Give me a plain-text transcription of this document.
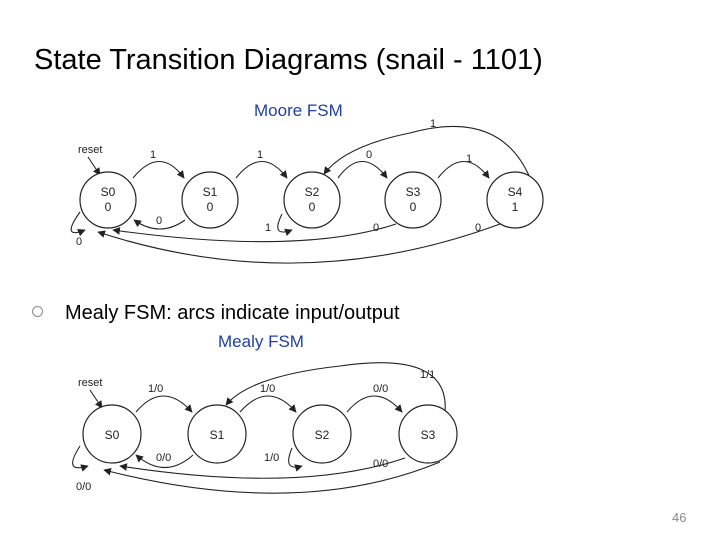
State Transition Diagrams (snail - 1101)
Mealy FSM: arcs indicate input/output
46
Moore FSM
reset	1	1	0	1
1
0
0
1	0	0
S0
0
S1
0
S2
0
S3
0
S4
1
Mealy FSM
reset	1/0	1/0	0/0
1/1
0/0	1/0	0/0
0/0
S0	S1	S2	S3
